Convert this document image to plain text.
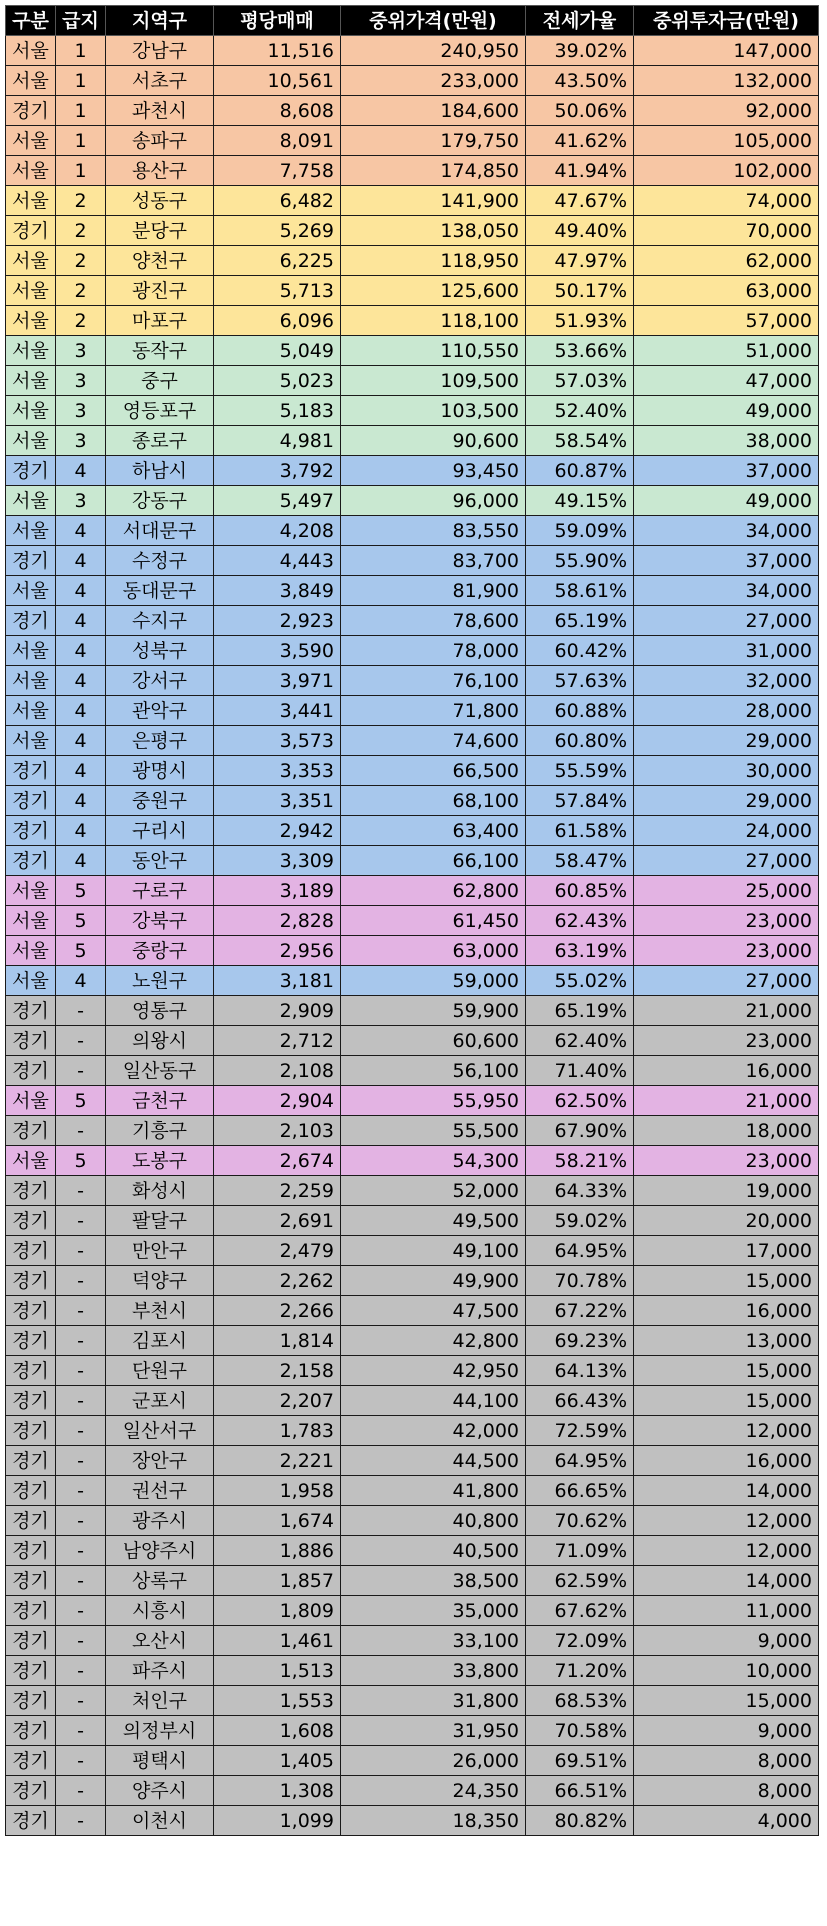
구분	급지	지역구	평당매매	중위가격(만원)	전세가율	중위투자금(만원)
서울	1	강남구	11,516	240,950	39.02%	147,000
서울	1	서초구	10,561	233,000	43.50%	132,000
경기	1	과천시	8,608	184,600	50.06%	92,000
서울	1	송파구	8,091	179,750	41.62%	105,000
서울	1	용산구	7,758	174,850	41.94%	102,000
서울	2	성동구	6,482	141,900	47.67%	74,000
경기	2	분당구	5,269	138,050	49.40%	70,000
서울	2	양천구	6,225	118,950	47.97%	62,000
서울	2	광진구	5,713	125,600	50.17%	63,000
서울	2	마포구	6,096	118,100	51.93%	57,000
서울	3	동작구	5,049	110,550	53.66%	51,000
서울	3	중구	5,023	109,500	57.03%	47,000
서울	3	영등포구	5,183	103,500	52.40%	49,000
서울	3	종로구	4,981	90,600	58.54%	38,000
경기	4	하남시	3,792	93,450	60.87%	37,000
서울	3	강동구	5,497	96,000	49.15%	49,000
서울	4	서대문구	4,208	83,550	59.09%	34,000
경기	4	수정구	4,443	83,700	55.90%	37,000
서울	4	동대문구	3,849	81,900	58.61%	34,000
경기	4	수지구	2,923	78,600	65.19%	27,000
서울	4	성북구	3,590	78,000	60.42%	31,000
서울	4	강서구	3,971	76,100	57.63%	32,000
서울	4	관악구	3,441	71,800	60.88%	28,000
서울	4	은평구	3,573	74,600	60.80%	29,000
경기	4	광명시	3,353	66,500	55.59%	30,000
경기	4	중원구	3,351	68,100	57.84%	29,000
경기	4	구리시	2,942	63,400	61.58%	24,000
경기	4	동안구	3,309	66,100	58.47%	27,000
서울	5	구로구	3,189	62,800	60.85%	25,000
서울	5	강북구	2,828	61,450	62.43%	23,000
서울	5	중랑구	2,956	63,000	63.19%	23,000
서울	4	노원구	3,181	59,000	55.02%	27,000
경기	-	영통구	2,909	59,900	65.19%	21,000
경기	-	의왕시	2,712	60,600	62.40%	23,000
경기	-	일산동구	2,108	56,100	71.40%	16,000
서울	5	금천구	2,904	55,950	62.50%	21,000
경기	-	기흥구	2,103	55,500	67.90%	18,000
서울	5	도봉구	2,674	54,300	58.21%	23,000
경기	-	화성시	2,259	52,000	64.33%	19,000
경기	-	팔달구	2,691	49,500	59.02%	20,000
경기	-	만안구	2,479	49,100	64.95%	17,000
경기	-	덕양구	2,262	49,900	70.78%	15,000
경기	-	부천시	2,266	47,500	67.22%	16,000
경기	-	김포시	1,814	42,800	69.23%	13,000
경기	-	단원구	2,158	42,950	64.13%	15,000
경기	-	군포시	2,207	44,100	66.43%	15,000
경기	-	일산서구	1,783	42,000	72.59%	12,000
경기	-	장안구	2,221	44,500	64.95%	16,000
경기	-	권선구	1,958	41,800	66.65%	14,000
경기	-	광주시	1,674	40,800	70.62%	12,000
경기	-	남양주시	1,886	40,500	71.09%	12,000
경기	-	상록구	1,857	38,500	62.59%	14,000
경기	-	시흥시	1,809	35,000	67.62%	11,000
경기	-	오산시	1,461	33,100	72.09%	9,000
경기	-	파주시	1,513	33,800	71.20%	10,000
경기	-	처인구	1,553	31,800	68.53%	15,000
경기	-	의정부시	1,608	31,950	70.58%	9,000
경기	-	평택시	1,405	26,000	69.51%	8,000
경기	-	양주시	1,308	24,350	66.51%	8,000
경기	-	이천시	1,099	18,350	80.82%	4,000
